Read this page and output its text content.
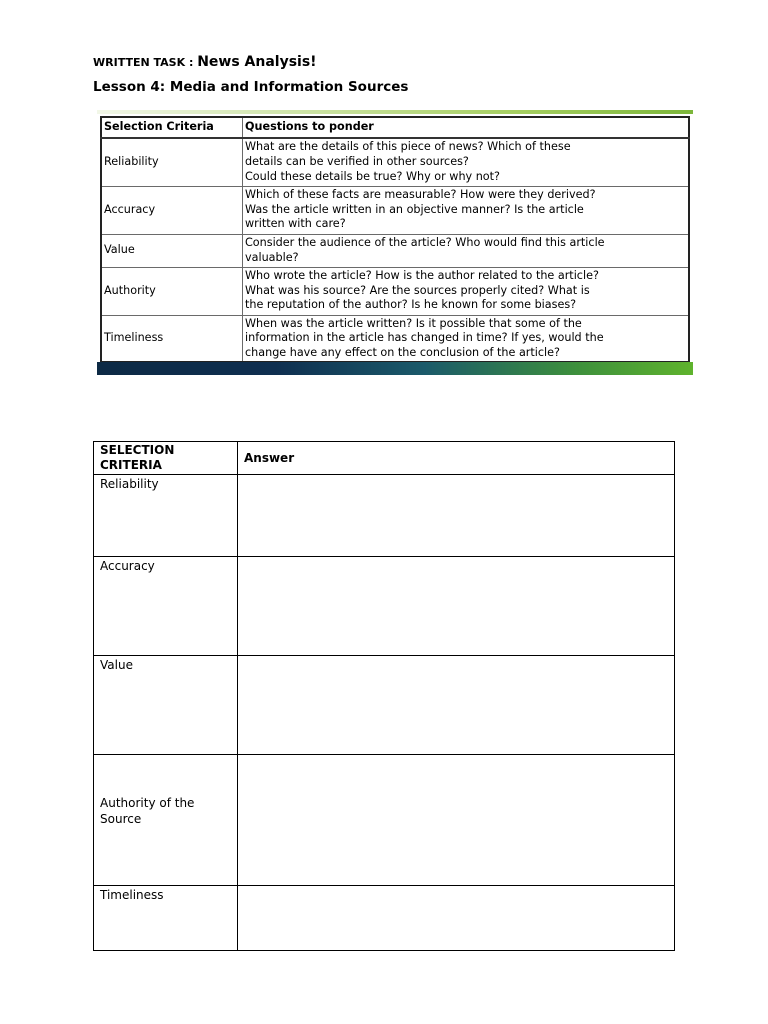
WRITTEN TASK : News Analysis!
Lesson 4: Media and Information Sources
Selection Criteria	Questions to ponder
Reliability	What are the details of this piece of news? Which of these
details can be verified in other sources?
Could these details be true? Why or why not?
Accuracy	Which of these facts are measurable? How were they derived?
Was the article written in an objective manner? Is the article
written with care?
Value	Consider the audience of the article? Who would find this article
valuable?
Authority	Who wrote the article? How is the author related to the article?
What was his source? Are the sources properly cited? What is
the reputation of the author? Is he known for some biases?
Timeliness	When was the article written? Is it possible that some of the
information in the article has changed in time? If yes, would the
change have any effect on the conclusion of the article?
SELECTION CRITERIA	Answer
Reliability	
Accuracy	
Value	
Authority of the Source	
Timeliness	
